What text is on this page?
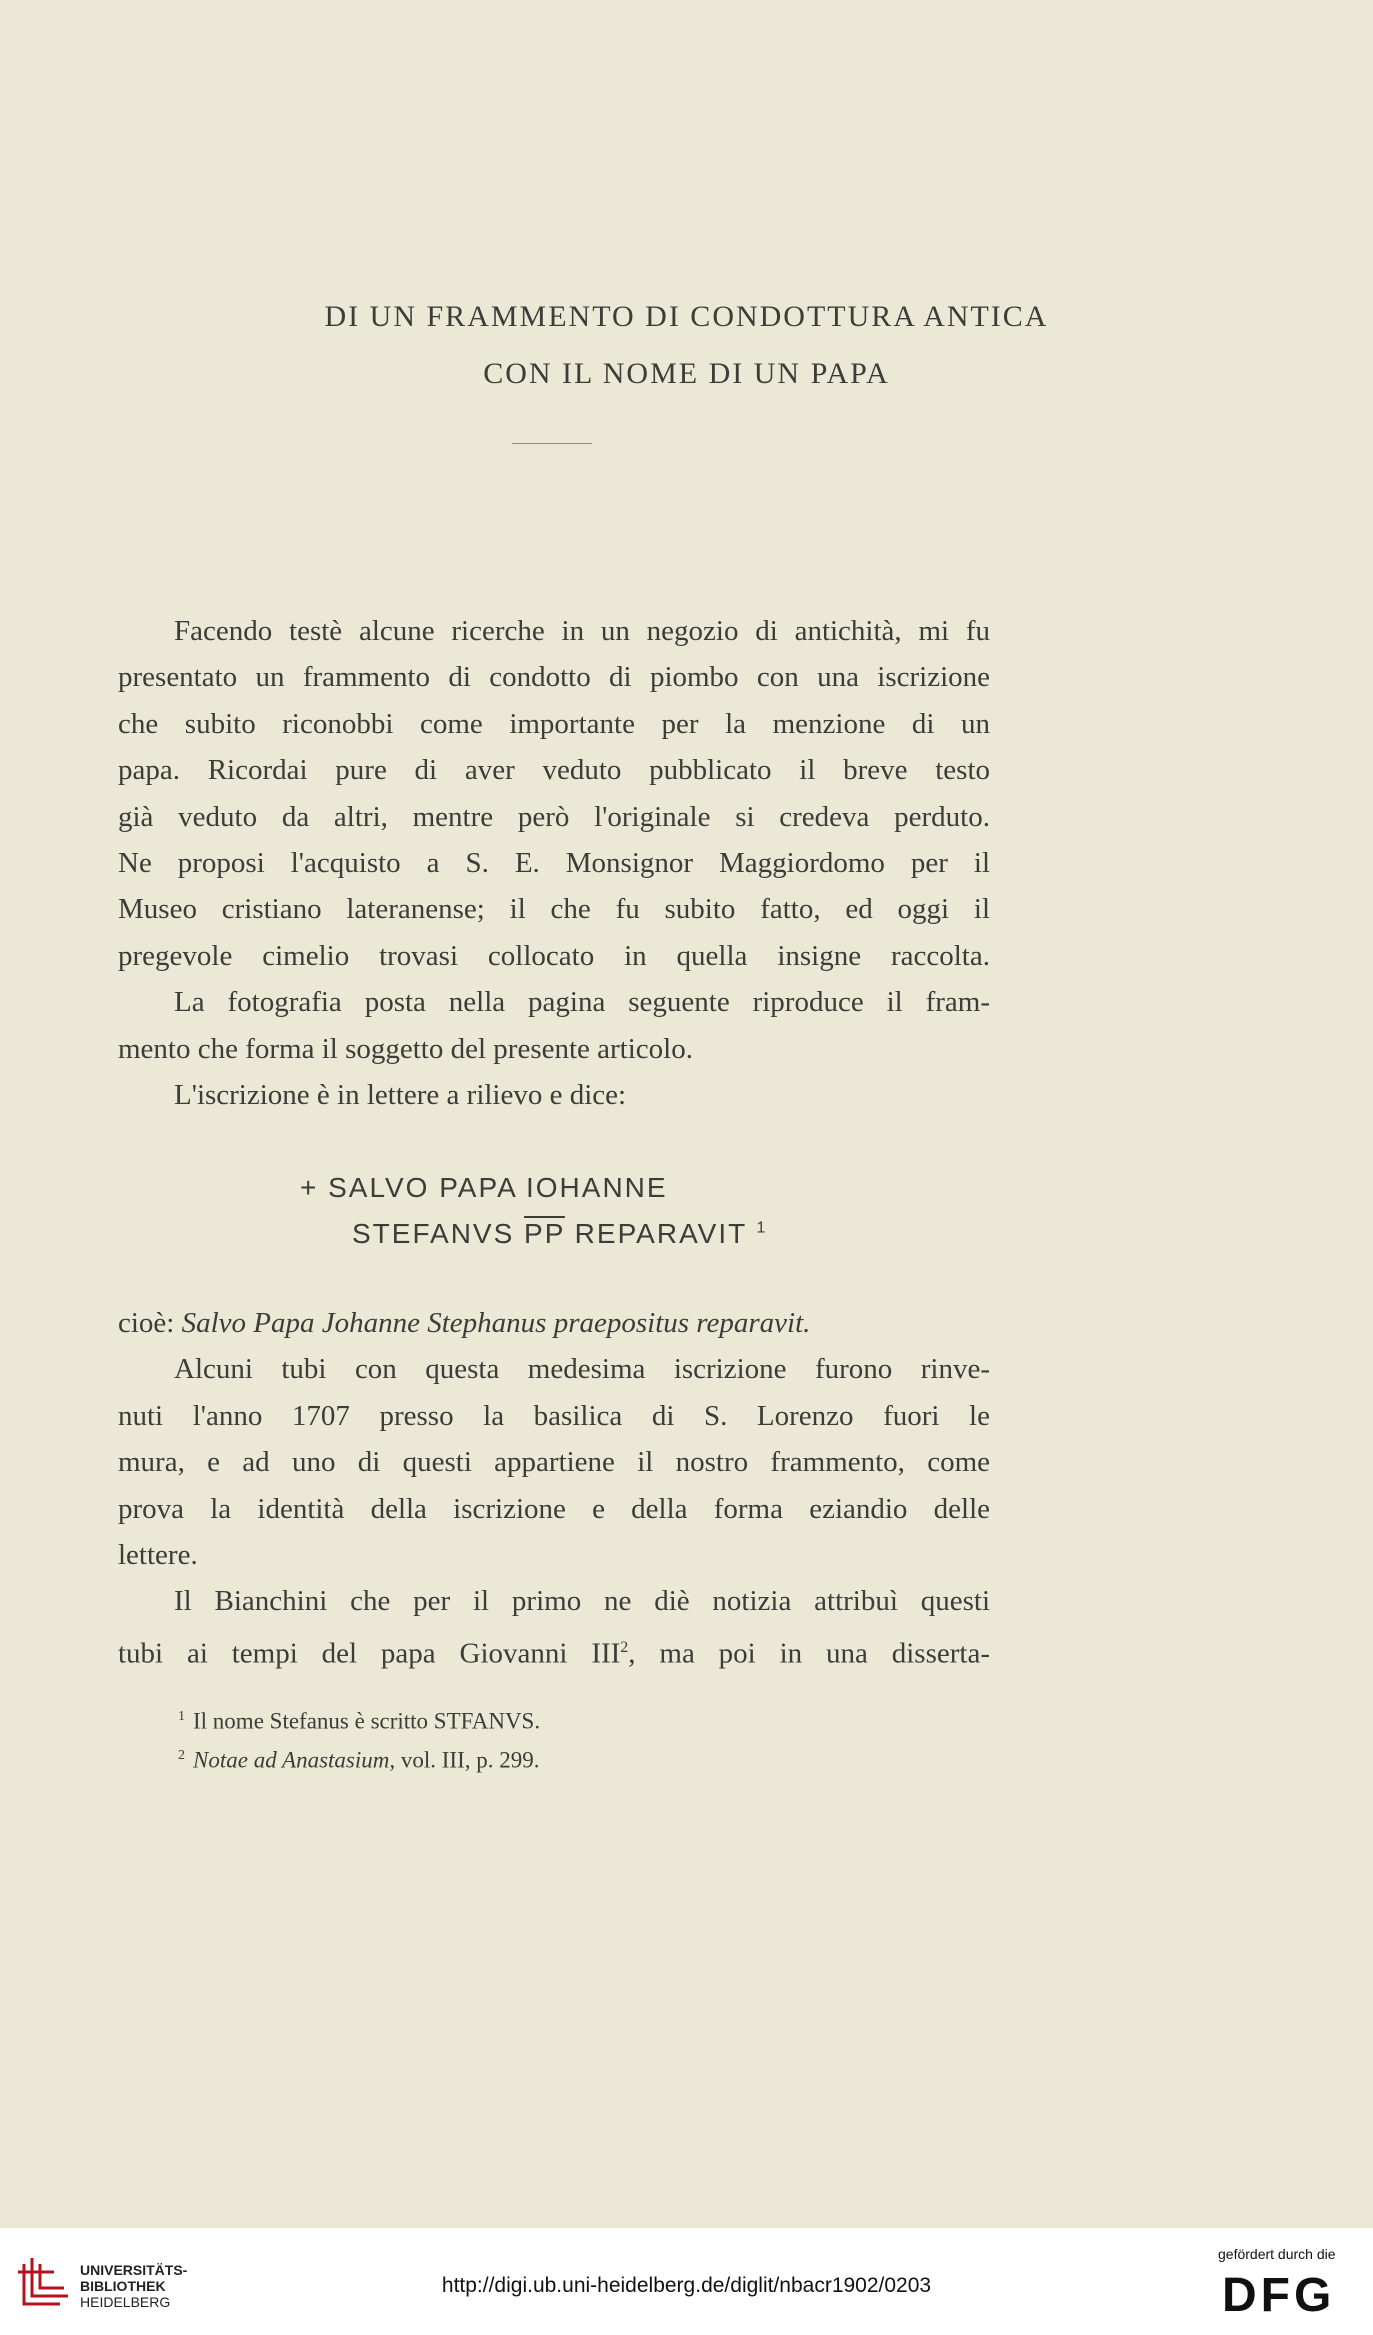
DI UN FRAMMENTO DI CONDOTTURA ANTICA
CON IL NOME DI UN PAPA

Facendo testè alcune ricerche in un negozio di antichità, mi fu
presentato un frammento di condotto di piombo con una iscrizione
che subito riconobbi come importante per la menzione di un
papa. Ricordai pure di aver veduto pubblicato il breve testo
già veduto da altri, mentre però l'originale si credeva perduto.
Ne proposi l'acquisto a S. E. Monsignor Maggiordomo per il
Museo cristiano lateranense; il che fu subito fatto, ed oggi il
pregevole cimelio trovasi collocato in quella insigne raccolta.

La fotografia posta nella pagina seguente riproduce il fram-
mento che forma il soggetto del presente articolo.

L'iscrizione è in lettere a rilievo e dice:

+ SALVO PAPA IOHANNE
STEFANVS $\overline{PP}$ REPARAVIT $^1$

cioè: Salvo Papa Johanne Stephanus praepositus reparavit.

Alcuni tubi con questa medesima iscrizione furono rinve-
nuti l'anno 1707 presso la basilica di S. Lorenzo fuori le
mura, e ad uno di questi appartiene il nostro frammento, come
prova la identità della iscrizione e della forma eziandio delle
lettere.

Il Bianchini che per il primo ne diè notizia attribuì questi
tubi ai tempi del papa Giovanni III$^2$, ma poi in una disserta-

$^1$ Il nome Stefanus è scritto STFANVS.
$^2$ Notae ad Anastasium, vol. III, p. 299.
UNIVERSITÄTS-
BIBLIOTHEK
HEIDELBERG
http://digi.ub.uni-heidelberg.de/diglit/nbacr1902/0203
gefördert durch die
DFG
